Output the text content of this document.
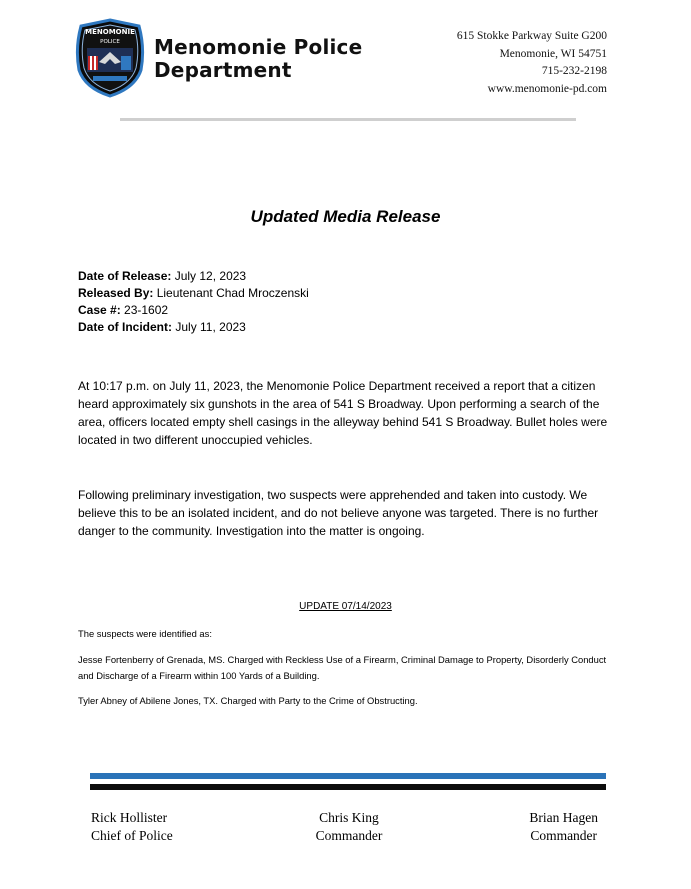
MENOMONIE
POLICE	Menomonie Police
Department
615 Stokke Parkway Suite G200
Menomonie, WI 54751
715-232-2198
www.menomonie-pd.com
Updated Media Release
Date of Release: July 12, 2023
Released By: Lieutenant Chad Mroczenski
Case #: 23-1602
Date of Incident: July 11, 2023
At 10:17 p.m. on July 11, 2023, the Menomonie Police Department received a report that a citizen heard approximately six gunshots in the area of 541 S Broadway. Upon performing a search of the area, officers located empty shell casings in the alleyway behind 541 S Broadway. Bullet holes were located in two different unoccupied vehicles.
Following preliminary investigation, two suspects were apprehended and taken into custody. We believe this to be an isolated incident, and do not believe anyone was targeted. There is no further danger to the community. Investigation into the matter is ongoing.
UPDATE 07/14/2023
The suspects were identified as:
Jesse Fortenberry of Grenada, MS. Charged with Reckless Use of a Firearm, Criminal Damage to Property, Disorderly Conduct and Discharge of a Firearm within 100 Yards of a Building.
Tyler Abney of Abilene Jones, TX. Charged with Party to the Crime of Obstructing.
Rick Hollister
Chief of Police
Chris King
Commander
Brian Hagen
Commander
